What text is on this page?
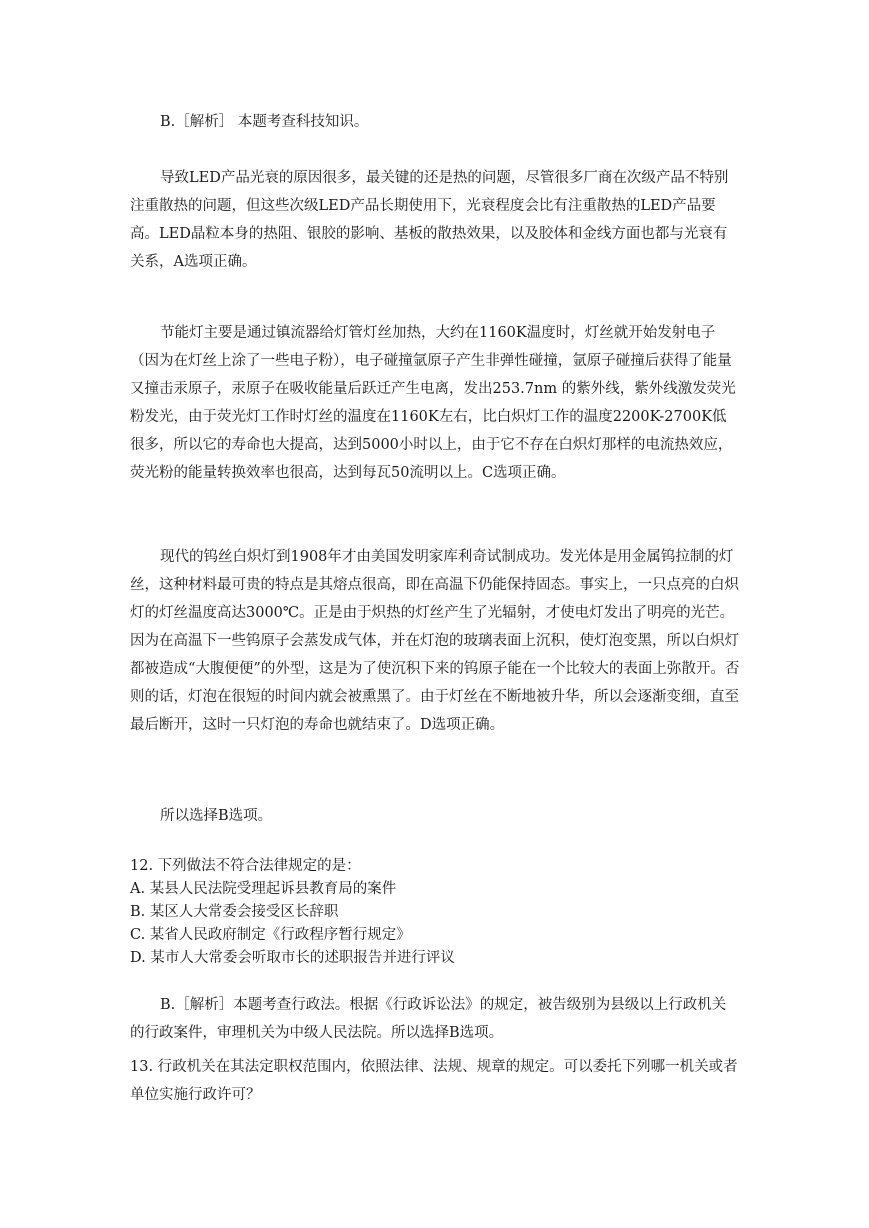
B.［解析］ 本题考查科技知识。

导致LED产品光衰的原因很多，最关键的还是热的问题，尽管很多厂商在次级产品不特别注重散热的问题，但这些次级LED产品长期使用下，光衰程度会比有注重散热的LED产品要高。LED晶粒本身的热阻、银胶的影响、基板的散热效果，以及胶体和金线方面也都与光衰有关系，A选项正确。

节能灯主要是通过镇流器给灯管灯丝加热，大约在1160K温度时，灯丝就开始发射电子（因为在灯丝上涂了一些电子粉），电子碰撞氩原子产生非弹性碰撞，氩原子碰撞后获得了能量又撞击汞原子，汞原子在吸收能量后跃迁产生电离，发出253.7nm 的紫外线，紫外线激发荧光粉发光，由于荧光灯工作时灯丝的温度在1160K左右，比白炽灯工作的温度2200K-2700K低很多，所以它的寿命也大提高，达到5000小时以上，由于它不存在白炽灯那样的电流热效应，荧光粉的能量转换效率也很高，达到每瓦50流明以上。C选项正确。

现代的钨丝白炽灯到1908年才由美国发明家库利奇试制成功。发光体是用金属钨拉制的灯丝，这种材料最可贵的特点是其熔点很高，即在高温下仍能保持固态。事实上，一只点亮的白炽灯的灯丝温度高达3000℃。正是由于炽热的灯丝产生了光辐射，才使电灯发出了明亮的光芒。因为在高温下一些钨原子会蒸发成气体，并在灯泡的玻璃表面上沉积，使灯泡变黑，所以白炽灯都被造成“大腹便便”的外型，这是为了使沉积下来的钨原子能在一个比较大的表面上弥散开。否则的话，灯泡在很短的时间内就会被熏黑了。由于灯丝在不断地被升华，所以会逐渐变细，直至最后断开，这时一只灯泡的寿命也就结束了。D选项正确。

所以选择B选项。

12. 下列做法不符合法律规定的是：
A. 某县人民法院受理起诉县教育局的案件
B. 某区人大常委会接受区长辞职
C. 某省人民政府制定《行政程序暂行规定》
D. 某市人大常委会听取市长的述职报告并进行评议

B.［解析］本题考查行政法。根据《行政诉讼法》的规定，被告级别为县级以上行政机关的行政案件，审理机关为中级人民法院。所以选择B选项。

13. 行政机关在其法定职权范围内，依照法律、法规、规章的规定。可以委托下列哪一机关或者单位实施行政许可？
